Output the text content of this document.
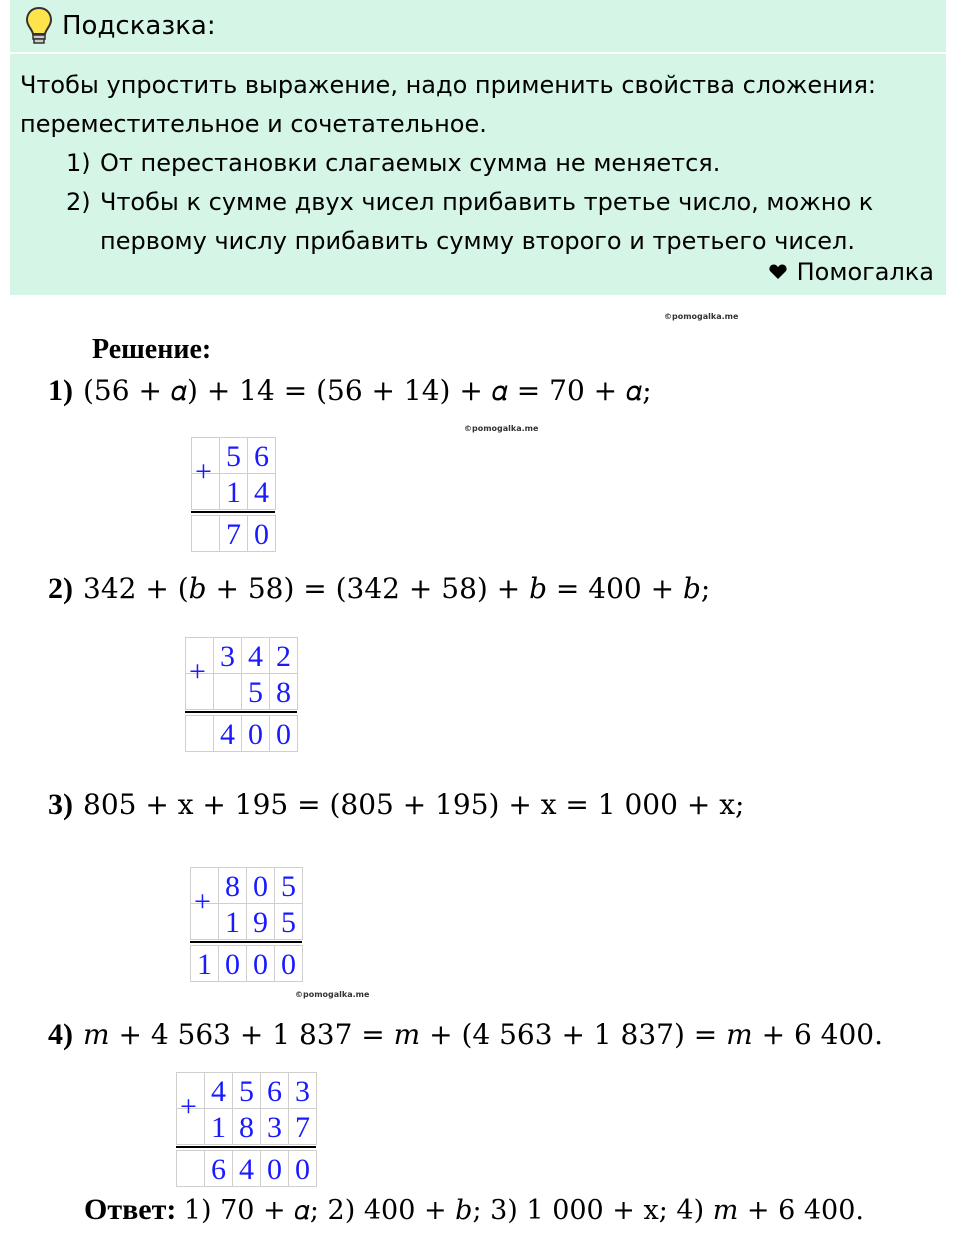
Подсказка:

Чтобы упростить выражение, надо применить свойства сложения: переместительное и сочетательное.

1) От перестановки слагаемых сумма не меняется.
2) Чтобы к сумме двух чисел прибавить третье число, можно к первому числу прибавить сумму второго и третьего чисел.
Помогалка
©pomogalka.me
©pomogalka.me
©pomogalka.me
Решение:
1) (56 + 𝛼) + 14 = (56 + 14) + 𝛼 = 70 + 𝛼;
2) 342 + (𝑏 + 58) = (342 + 58) + 𝑏 = 400 + 𝑏;
3) 805 + x + 195 = (805 + 195) + x = 1 000 + x;
4) 𝑚 + 4 563 + 1 837 = 𝑚 + (4 563 + 1 837) = 𝑚 + 6 400.
5 6
1 4
7 0
+
3 4 2
5 8
4 0 0
+
8 0 5
1 9 5
1 0 0 0
+
4 5 6 3
1 8 3 7
6 4 0 0
+
Ответ: 1) 70 + 𝛼; 2) 400 + 𝑏; 3) 1 000 + x; 4) 𝑚 + 6 400.
